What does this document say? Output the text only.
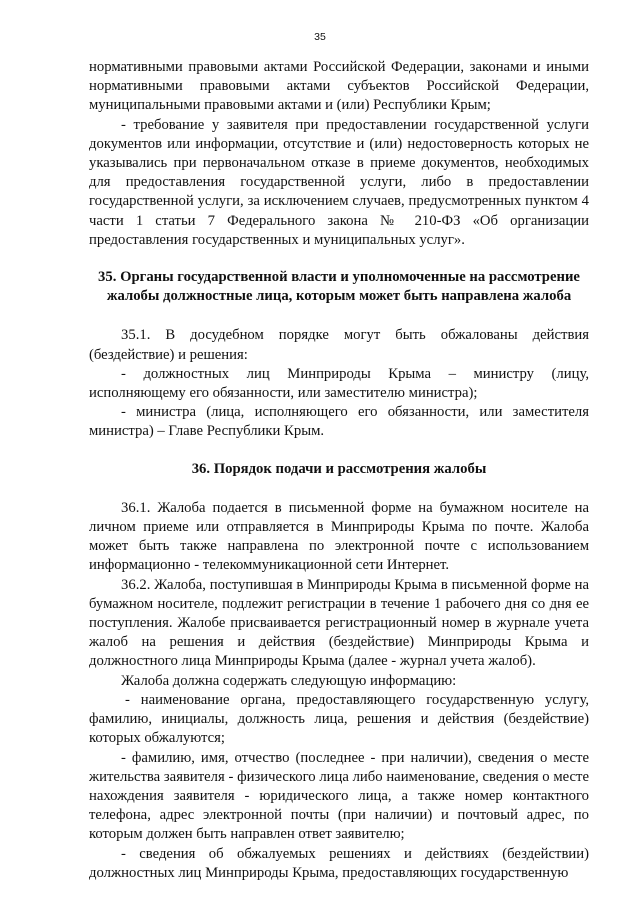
35

нормативными правовыми актами Российской Федерации, законами и иными нормативными правовыми актами субъектов Российской Федерации, муниципальными правовыми актами и (или) Республики Крым;

- требование у заявителя при предоставлении государственной услуги документов или информации, отсутствие и (или) недостоверность которых не указывались при первоначальном отказе в приеме документов, необходимых для предоставления государственной услуги, либо в предоставлении государственной услуги, за исключением случаев, предусмотренных пунктом 4 части 1 статьи 7 Федерального закона № 210-ФЗ «Об организации предоставления государственных и муниципальных услуг».

35. Органы государственной власти и уполномоченные на рассмотрение жалобы должностные лица, которым может быть направлена жалоба

35.1. В досудебном порядке могут быть обжалованы действия (бездействие) и решения:

- должностных лиц Минприроды Крыма – министру (лицу, исполняющему его обязанности, или заместителю министра);

- министра (лица, исполняющего его обязанности, или заместителя министра) – Главе Республики Крым.

36. Порядок подачи и рассмотрения жалобы

36.1. Жалоба подается в письменной форме на бумажном носителе на личном приеме или отправляется в Минприроды Крыма по почте. Жалоба может быть также направлена по электронной почте с использованием информационно - телекоммуникационной сети Интернет.

36.2. Жалоба, поступившая в Минприроды Крыма в письменной форме на бумажном носителе, подлежит регистрации в течение 1 рабочего дня со дня ее поступления. Жалобе присваивается регистрационный номер в журнале учета жалоб на решения и действия (бездействие) Минприроды Крыма и должностного лица Минприроды Крыма (далее - журнал учета жалоб).

Жалоба должна содержать следующую информацию:

- наименование органа, предоставляющего государственную услугу, фамилию, инициалы, должность лица, решения и действия (бездействие) которых обжалуются;

- фамилию, имя, отчество (последнее - при наличии), сведения о месте жительства заявителя - физического лица либо наименование, сведения о месте нахождения заявителя - юридического лица, а также номер контактного телефона, адрес электронной почты (при наличии) и почтовый адрес, по которым должен быть направлен ответ заявителю;

- сведения об обжалуемых решениях и действиях (бездействии) должностных лиц Минприроды Крыма, предоставляющих государственную
